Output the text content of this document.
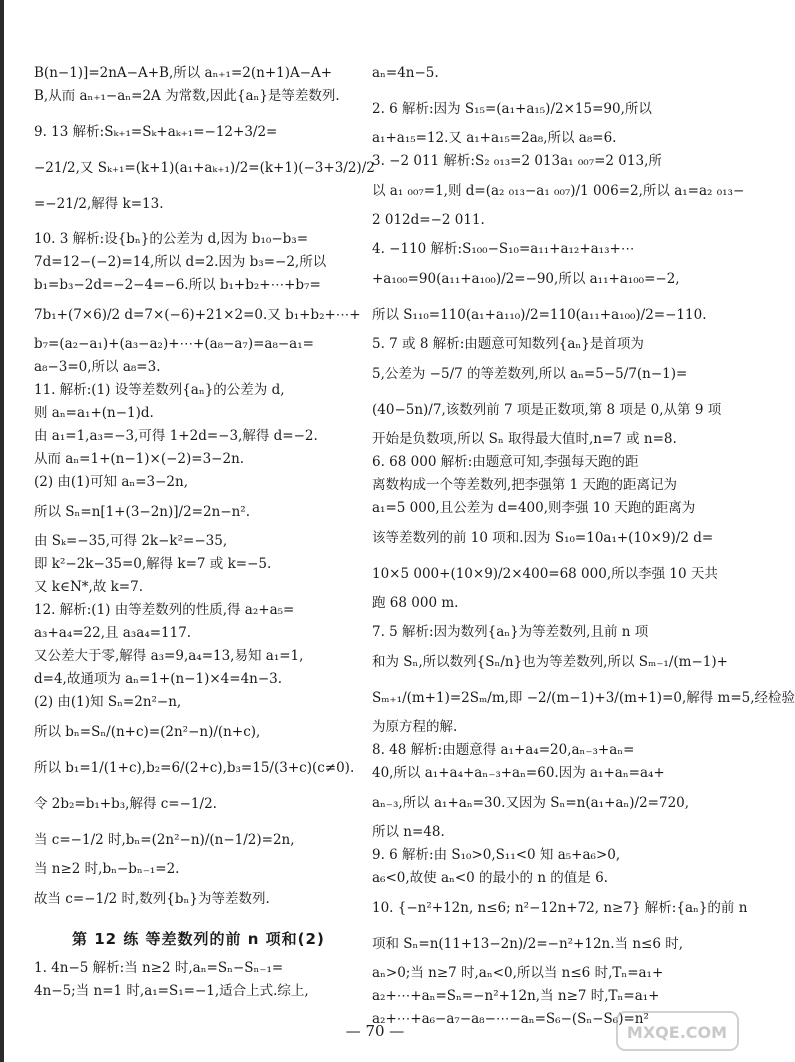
B(n−1)]=2nA−A+B,所以 aₙ₊₁=2(n+1)A−A+
B,从而 aₙ₊₁−aₙ=2A 为常数,因此{aₙ}是等差数列.
9. 13 解析:Sₖ₊₁=Sₖ+aₖ₊₁=−12+3/2=
−21/2,又 Sₖ₊₁=(k+1)(a₁+aₖ₊₁)/2=(k+1)(−3+3/2)/2
=−21/2,解得 k=13.
10. 3 解析:设{bₙ}的公差为 d,因为 b₁₀−b₃=
7d=12−(−2)=14,所以 d=2.因为 b₃=−2,所以
b₁=b₃−2d=−2−4=−6.所以 b₁+b₂+⋯+b₇=
7b₁+(7×6)/2 d=7×(−6)+21×2=0.又 b₁+b₂+⋯+
b₇=(a₂−a₁)+(a₃−a₂)+⋯+(a₈−a₇)=a₈−a₁=
a₈−3=0,所以 a₈=3.
11. 解析:(1) 设等差数列{aₙ}的公差为 d,
则 aₙ=a₁+(n−1)d.
由 a₁=1,a₃=−3,可得 1+2d=−3,解得 d=−2.
从而 aₙ=1+(n−1)×(−2)=3−2n.
(2) 由(1)可知 aₙ=3−2n,
所以 Sₙ=n[1+(3−2n)]/2=2n−n².
由 Sₖ=−35,可得 2k−k²=−35,
即 k²−2k−35=0,解得 k=7 或 k=−5.
又 k∈N*,故 k=7.
12. 解析:(1) 由等差数列的性质,得 a₂+a₅=
a₃+a₄=22,且 a₃a₄=117.
又公差大于零,解得 a₃=9,a₄=13,易知 a₁=1,
d=4,故通项为 aₙ=1+(n−1)×4=4n−3.
(2) 由(1)知 Sₙ=2n²−n,
所以 bₙ=Sₙ/(n+c)=(2n²−n)/(n+c),
所以 b₁=1/(1+c),b₂=6/(2+c),b₃=15/(3+c)(c≠0).
令 2b₂=b₁+b₃,解得 c=−1/2.
当 c=−1/2 时,bₙ=(2n²−n)/(n−1/2)=2n,
当 n≥2 时,bₙ−bₙ₋₁=2.
故当 c=−1/2 时,数列{bₙ}为等差数列.
第 12 练 等差数列的前 n 项和(2)
1. 4n−5 解析:当 n≥2 时,aₙ=Sₙ−Sₙ₋₁=
4n−5;当 n=1 时,a₁=S₁=−1,适合上式.综上,
aₙ=4n−5.
2. 6 解析:因为 S₁₅=(a₁+a₁₅)/2×15=90,所以
a₁+a₁₅=12.又 a₁+a₁₅=2a₈,所以 a₈=6.
3. −2 011 解析:S₂ ₀₁₃=2 013a₁ ₀₀₇=2 013,所
以 a₁ ₀₀₇=1,则 d=(a₂ ₀₁₃−a₁ ₀₀₇)/1 006=2,所以 a₁=a₂ ₀₁₃−
2 012d=−2 011.
4. −110 解析:S₁₀₀−S₁₀=a₁₁+a₁₂+a₁₃+⋯
+a₁₀₀=90(a₁₁+a₁₀₀)/2=−90,所以 a₁₁+a₁₀₀=−2,
所以 S₁₁₀=110(a₁+a₁₁₀)/2=110(a₁₁+a₁₀₀)/2=−110.
5. 7 或 8 解析:由题意可知数列{aₙ}是首项为
5,公差为 −5/7 的等差数列,所以 aₙ=5−5/7(n−1)=
(40−5n)/7,该数列前 7 项是正数项,第 8 项是 0,从第 9 项
开始是负数项,所以 Sₙ 取得最大值时,n=7 或 n=8.
6. 68 000 解析:由题意可知,李强每天跑的距
离数构成一个等差数列,把李强第 1 天跑的距离记为
a₁=5 000,且公差为 d=400,则李强 10 天跑的距离为
该等差数列的前 10 项和.因为 S₁₀=10a₁+(10×9)/2 d=
10×5 000+(10×9)/2×400=68 000,所以李强 10 天共
跑 68 000 m.
7. 5 解析:因为数列{aₙ}为等差数列,且前 n 项
和为 Sₙ,所以数列{Sₙ/n}也为等差数列,所以 Sₘ₋₁/(m−1)+
Sₘ₊₁/(m+1)=2Sₘ/m,即 −2/(m−1)+3/(m+1)=0,解得 m=5,经检验
为原方程的解.
8. 48 解析:由题意得 a₁+a₄=20,aₙ₋₃+aₙ=
40,所以 a₁+a₄+aₙ₋₃+aₙ=60.因为 a₁+aₙ=a₄+
aₙ₋₃,所以 a₁+aₙ=30.又因为 Sₙ=n(a₁+aₙ)/2=720,
所以 n=48.
9. 6 解析:由 S₁₀>0,S₁₁<0 知 a₅+a₆>0,
a₆<0,故使 aₙ<0 的最小的 n 的值是 6.
10. {−n²+12n, n≤6; n²−12n+72, n≥7} 解析:{aₙ}的前 n
项和 Sₙ=n(11+13−2n)/2=−n²+12n.当 n≤6 时,
aₙ>0;当 n≥7 时,aₙ<0,所以当 n≤6 时,Tₙ=a₁+
a₂+⋯+aₙ=Sₙ=−n²+12n,当 n≥7 时,Tₙ=a₁+
a₂+⋯+a₆−a₇−a₈−⋯−aₙ=S₆−(Sₙ−S₆)=n²
— 70 —	MXQE.COM
